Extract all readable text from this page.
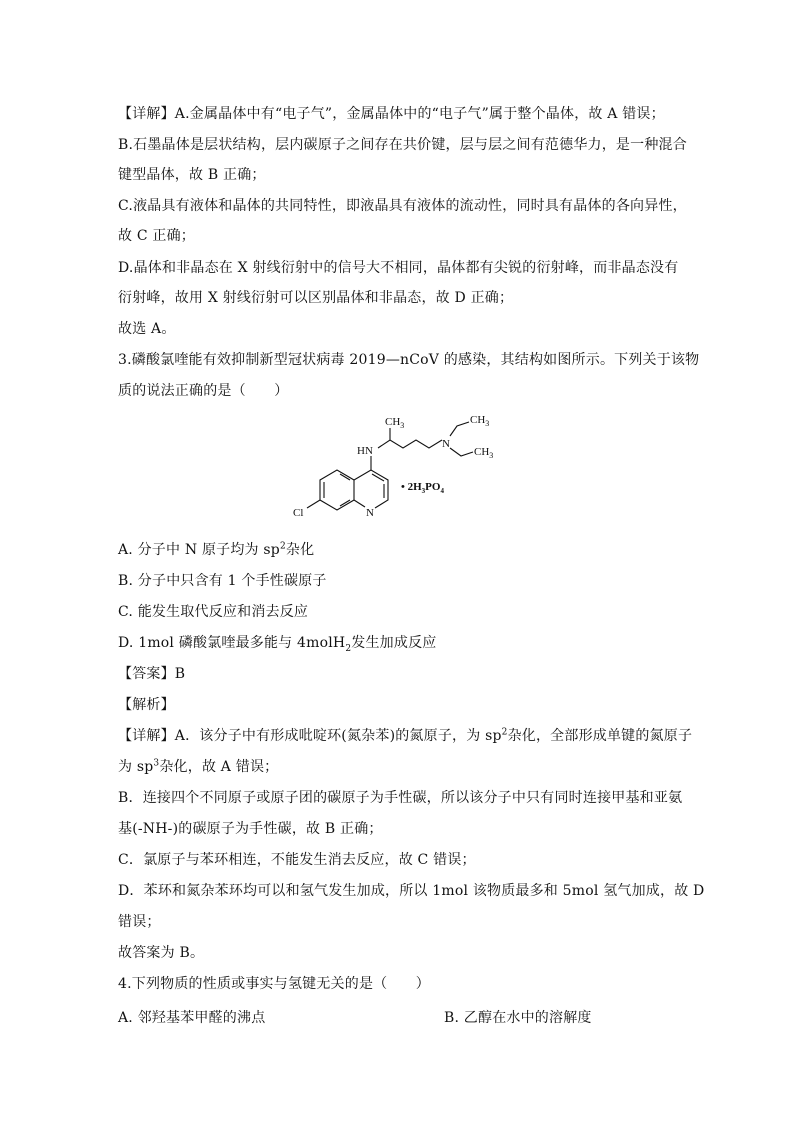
【详解】A.金属晶体中有“电子气”，金属晶体中的“电子气”属于整个晶体，故 A 错误；
B.石墨晶体是层状结构，层内碳原子之间存在共价键，层与层之间有范德华力，是一种混合
键型晶体，故 B 正确；
C.液晶具有液体和晶体的共同特性，即液晶具有液体的流动性，同时具有晶体的各向异性，
故 C 正确；
D.晶体和非晶态在 X 射线衍射中的信号大不相同，晶体都有尖锐的衍射峰，而非晶态没有
衍射峰，故用 X 射线衍射可以区别晶体和非晶态，故 D 正确；
故选 A。
3.磷酸氯喹能有效抑制新型冠状病毒 2019—nCoV 的感染，其结构如图所示。下列关于该物
质的说法正确的是（　　）
$CH_3$	$CH_3$
$CH_3$
HN
N
N
Cl
• $2H_3PO_4$
A. 分子中 N 原子均为 $sp^2$杂化
B. 分子中只含有 1 个手性碳原子
C. 能发生取代反应和消去反应
D. 1mol 磷酸氯喹最多能与 4molH$_2$发生加成反应
【答案】B
【解析】
【详解】A．该分子中有形成吡啶环(氮杂苯)的氮原子，为 $sp^2$杂化，全部形成单键的氮原子
为 $sp^3$杂化，故 A 错误；
B．连接四个不同原子或原子团的碳原子为手性碳，所以该分子中只有同时连接甲基和亚氨
基(-NH-)的碳原子为手性碳，故 B 正确；
C．氯原子与苯环相连，不能发生消去反应，故 C 错误；
D．苯环和氮杂苯环均可以和氢气发生加成，所以 1mol 该物质最多和 5mol 氢气加成，故 D
错误；
故答案为 B。
4.下列物质的性质或事实与氢键无关的是（　　）
A. 邻羟基苯甲醛的沸点	B. 乙醇在水中的溶解度
